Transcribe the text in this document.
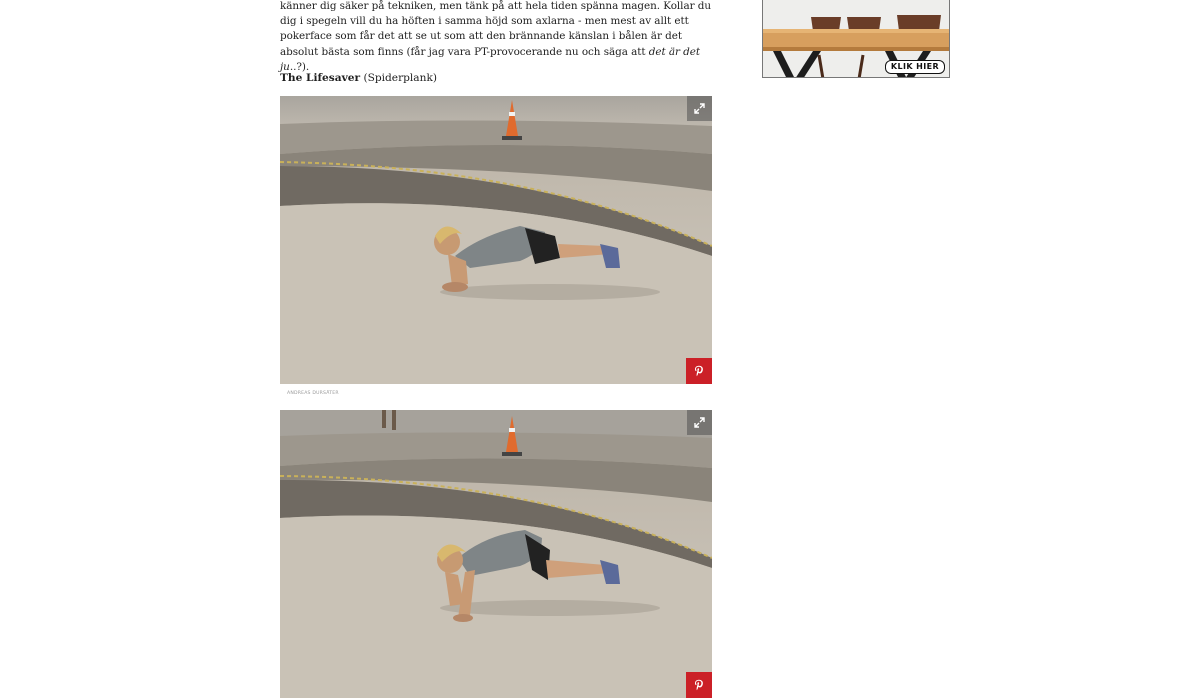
känner dig säker på tekniken, men tänk på att hela tiden spänna magen. Kollar du dig i spegeln vill du ha höften i samma höjd som axlarna - men mest av allt ett pokerface som får det att se ut som att den brännande känslan i bålen är det absolut bästa som finns (får jag vara PT-provocerande nu och säga att det är det ju..?).

The Lifesaver (Spiderplank)

ANDREAS DURSÄTER
KLIK HIER
